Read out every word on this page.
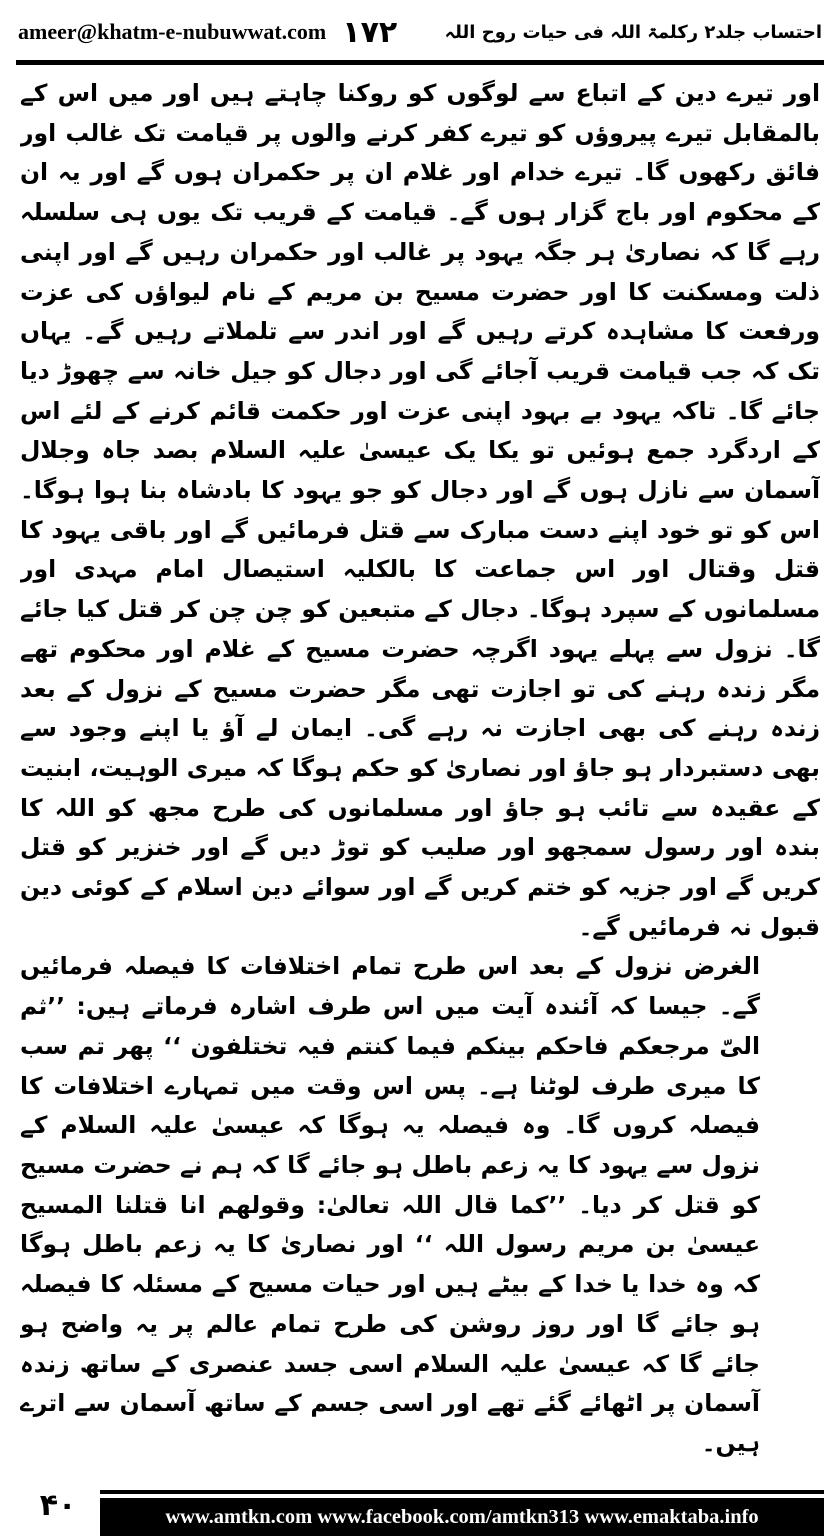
ameer@khatm-e-nubuwwat.com ۱۷۲	احتساب جلد۲ رکلمۃ اللہ فی حیات روح اللہ

اور تیرے دین کے اتباع سے لوگوں کو روکنا چاہتے ہیں اور میں اس کے بالمقابل تیرے پیروؤں کو تیرے کفر کرنے والوں پر قیامت تک غالب اور فائق رکھوں گا۔ تیرے خدام اور غلام ان پر حکمران ہوں گے اور یہ ان کے محکوم اور باج گزار ہوں گے۔ قیامت کے قریب تک یوں ہی سلسلہ رہے گا کہ نصاریٰ ہر جگہ یہود پر غالب اور حکمران رہیں گے اور اپنی ذلت ومسکنت کا اور حضرت مسیح بن مریم کے نام لیواؤں کی عزت ورفعت کا مشاہدہ کرتے رہیں گے اور اندر سے تلملاتے رہیں گے۔ یہاں تک کہ جب قیامت قریب آجائے گی اور دجال کو جیل خانہ سے چھوڑ دیا جائے گا۔ تاکہ یہود بے بہود اپنی عزت اور حکمت قائم کرنے کے لئے اس کے اردگرد جمع ہوئیں تو یکا یک عیسیٰ علیہ السلام بصد جاہ وجلال آسمان سے نازل ہوں گے اور دجال کو جو یہود کا بادشاہ بنا ہوا ہوگا۔ اس کو تو خود اپنے دست مبارک سے قتل فرمائیں گے اور باقی یہود کا قتل وقتال اور اس جماعت کا بالکلیہ استیصال امام مہدی اور مسلمانوں کے سپرد ہوگا۔ دجال کے متبعین کو چن چن کر قتل کیا جائے گا۔ نزول سے پہلے یہود اگرچہ حضرت مسیح کے غلام اور محکوم تھے مگر زندہ رہنے کی تو اجازت تھی مگر حضرت مسیح کے نزول کے بعد زندہ رہنے کی بھی اجازت نہ رہے گی۔ ایمان لے آؤ یا اپنے وجود سے بھی دستبردار ہو جاؤ اور نصاریٰ کو حکم ہوگا کہ میری الوہیت، ابنیت کے عقیدہ سے تائب ہو جاؤ اور مسلمانوں کی طرح مجھ کو اللہ کا بندہ اور رسول سمجھو اور صلیب کو توڑ دیں گے اور خنزیر کو قتل کریں گے اور جزیہ کو ختم کریں گے اور سوائے دین اسلام کے کوئی دین قبول نہ فرمائیں گے۔

الغرض نزول کے بعد اس طرح تمام اختلافات کا فیصلہ فرمائیں گے۔ جیسا کہ آئندہ آیت میں اس طرف اشارہ فرماتے ہیں: ’’ثم الیّ مرجعکم فاحکم بینکم فیما کنتم فیہ تختلفون ‘‘ پھر تم سب کا میری طرف لوٹنا ہے۔ پس اس وقت میں تمہارے اختلافات کا فیصلہ کروں گا۔ وہ فیصلہ یہ ہوگا کہ عیسیٰ علیہ السلام کے نزول سے یہود کا یہ زعم باطل ہو جائے گا کہ ہم نے حضرت مسیح کو قتل کر دیا۔ ’’کما قال اللہ تعالیٰ: وقولھم انا قتلنا المسیح عیسیٰ بن مریم رسول اللہ ‘‘ اور نصاریٰ کا یہ زعم باطل ہوگا کہ وہ خدا یا خدا کے بیٹے ہیں اور حیات مسیح کے مسئلہ کا فیصلہ ہو جائے گا اور روز روشن کی طرح تمام عالم پر یہ واضح ہو جائے گا کہ عیسیٰ علیہ السلام اسی جسد عنصری کے ساتھ زندہ آسمان پر اٹھائے گئے تھے اور اسی جسم کے ساتھ آسمان سے اترے ہیں۔

۴۰	www.amtkn.com www.facebook.com/amtkn313 www.emaktaba.info
